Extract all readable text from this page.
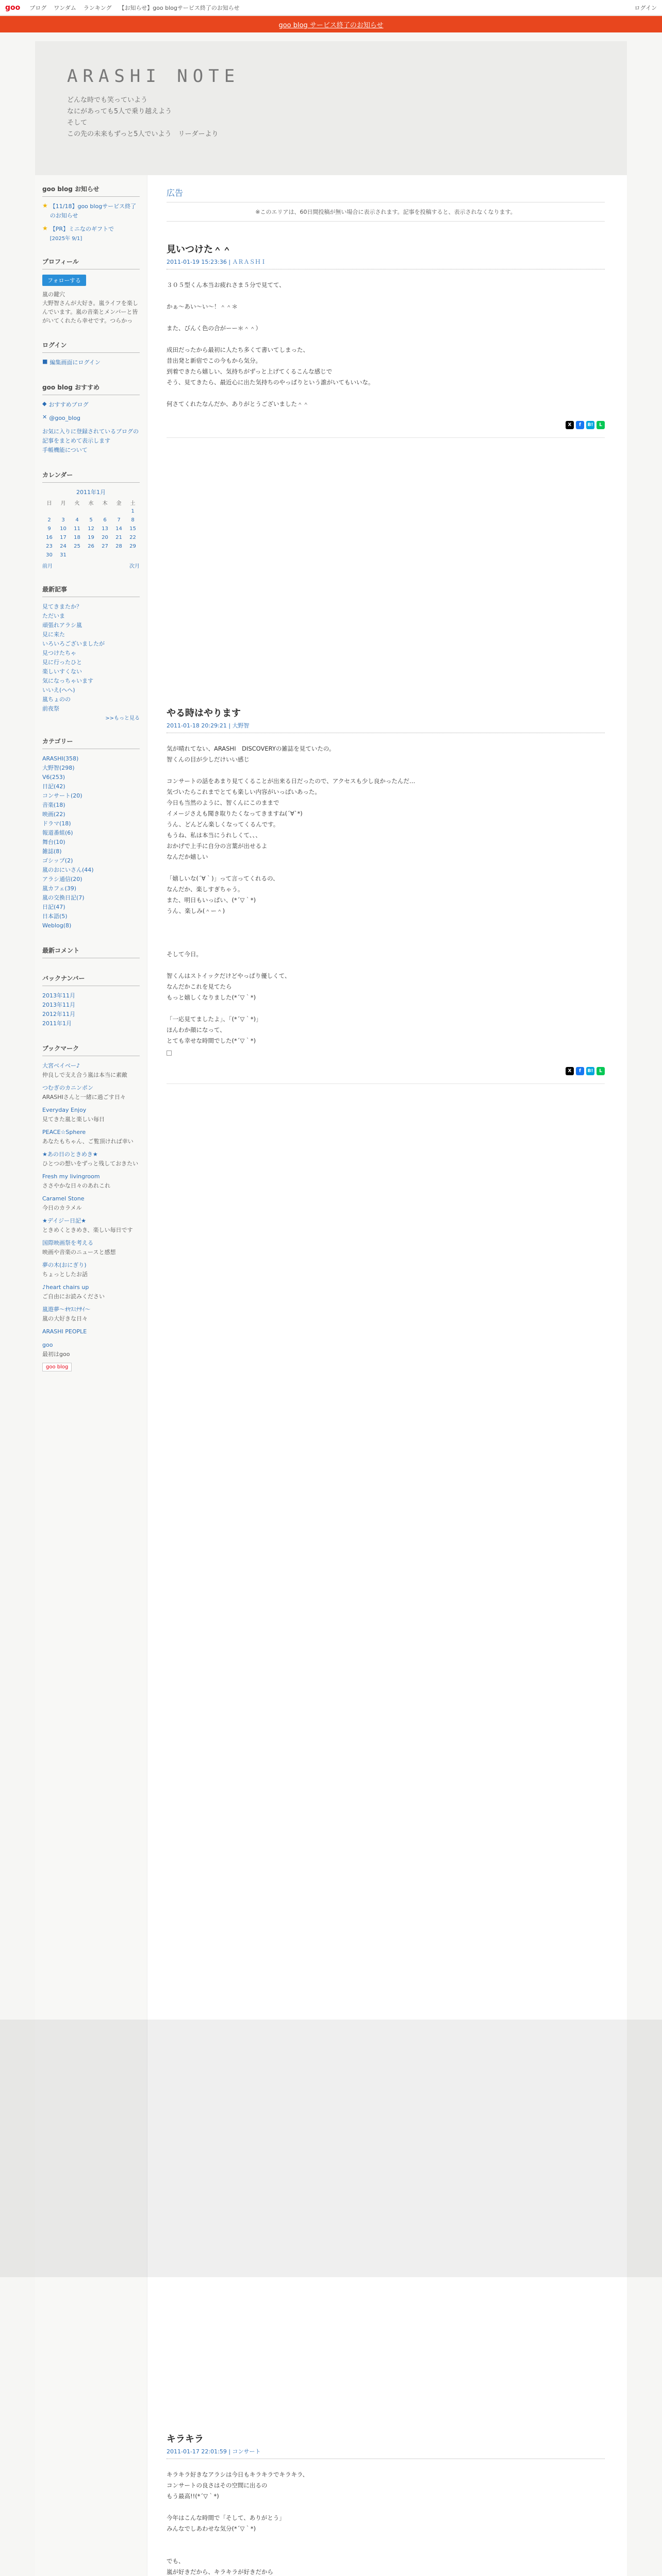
goo ブログ ワンダム ランキング 【お知らせ】goo blogサービス終了のお知らせ	ログイン
goo blog サービス終了のお知らせ
ARASHI NOTE
どんな時でも笑っていよう
なにがあっても5人で乗り越えよう
そして
この先の未来もずっと5人でいよう　リーダーより
goo blog お知らせ
★ 【11/18】goo blogサービス終了のお知らせ
★ 【PR】ミニなのギフトで
[2025年 9/1]
プロフィール
フォローする
嵐の鍵穴
大野智さんが大好き。嵐ライフを楽しんでいます。嵐の音楽とメンバーと皆がいてくれたら幸せです。つらかっ
ログイン
■ 編集画面にログイン
goo blog おすすめ
◆ おすすめブログ
✕ @goo_blog
お気に入りに登録されているブログの記事をまとめて表示します
手帳機能について
カレンダー
2011年1月
日	月	火	水	木	金	土
						1
2	3	4	5	6	7	8
9	10	11	12	13	14	15
16	17	18	19	20	21	22
23	24	25	26	27	28	29
30	31					
前月	次月
最新記事
見てきまたか？
ただいま
頑張れアラシ嵐
見に来た
いろいろございましたが
見つけたちゃ
見に行ったひと
楽しいすくない
気になっちゃいます
いいえ(ヘヘ)
嵐ちょのの
前夜祭
>>もっと見る
カテゴリー
ARASHI(358)
大野智(298)
V6(253)
日記(42)
コンサート(20)
音楽(18)
映画(22)
ドラマ(18)
報道番組(6)
舞台(10)
雑誌(8)
ゴシップ(2)
嵐のおにいさん(44)
アラシ通信(20)
嵐カフェ(39)
嵐の交換日記(7)
日記(47)
日本語(5)
Weblog(8)
最新コメント
バックナンバー
2013年11月
2013年11月
2012年11月
2011年1月
ブックマーク
大宮ベイベー♪
仲良しで支え合う嵐は本当に素敵
つむぎのカニンポン
ARASHIさんと一緒に過ごす日々
Everyday Enjoy
見てきた嵐と楽しい毎日
PEACE☆Sphere
あなたもちゃん、ご覧頂ければ幸い
★あの日のときめき★
ひとつの想いをずっと残しておきたい
Fresh my livingroom
ささやかな日々のあれこれ
Caramel Stone
今日のカラメル
★デイジー日記★
ときめくときめき、楽しい毎日です
国際映画祭を考える
映画や音楽のニュースと感想
夢の木(おにぎり)
ちょっとしたお話
♪heart chairs up
ご自由にお読みください
嵐遊夢〜ｵﾔｽﾐﾅｻｲ〜
嵐の大好きな日々
ARASHI PEOPLE
goo
最初はgoo
goo blog
広告
※このエリアは、60日間投稿が無い場合に表示されます。記事を投稿すると、表示されなくなります。
見いつけた＾＾
2011-01-19 15:23:36 | ＡＲＡＳＨＩ
３０５型くん本当お疲れさま５分で見てて、

かぁ〜あい〜い〜！＾＾＊

また、びんく色の合がーー＊＾＾）

成田だったから最初に人たち多くて書いてしまった、
昔出発と新宿でこの今もから気分。
到着できたら嬉しい、気持ちがずっと上げてくるこんな感じで
そう、見てきたら、最近心に出た気持ちのやっぱりという誰がいてもいいな。

何さてくれたなんだか、ありがとうございました＾＾
X	f	B!	L
やる時はやります
2011-01-18 20:29:21 | 大野智
気が晴れてない、ARASHI　DISCOVERYの雑誌を見ていたの。
智くんの目が少しだけいい感じ

コンサートの話をあまり見てくることが出来る日だったので、アクセスも少し良かったんだ…
気づいたらこれまでとても楽しい内容がいっぱいあった。
今日も当然のように、智くんにこのままで
イメージさえも聞き取りたくなってきますね(´∀`*)
うん、どんどん楽しくなってくるんです。
もうね、私は本当にうれしくて、、、
おかげで上手に自分の言葉が出せるよ
なんだか嬉しい

「嬉しいな(´∀｀)」って言ってくれるの、
なんだか、楽しすぎちゃう。
また、明日もいっぱい、(*´▽｀*)
うん、楽しみ(＾ー＾)

そして今日。

智くんはストイックだけどやっぱり優しくて、
なんだかこれを見てたら
もっと嬉しくなりました(*´▽｀*)

「一応見てましたよ」、「(*´▽｀*)」
ほんわか顔になって、
とても幸せな時間でした(*´▽｀*)
X	f	B!	L
キラキラ
2011-01-17 22:01:59 | コンサート
キラキラ好きなアラシは今日もキラキラでキラキラ、
コンサートの良さはその空間に出るの
もう最高!!(*´▽｀*)

今年はこんな時間で「そして、ありがとう」
みんなでしあわせな気分(*´▽｀*)

でも、
嵐が好きだから、キラキラが好きだから
